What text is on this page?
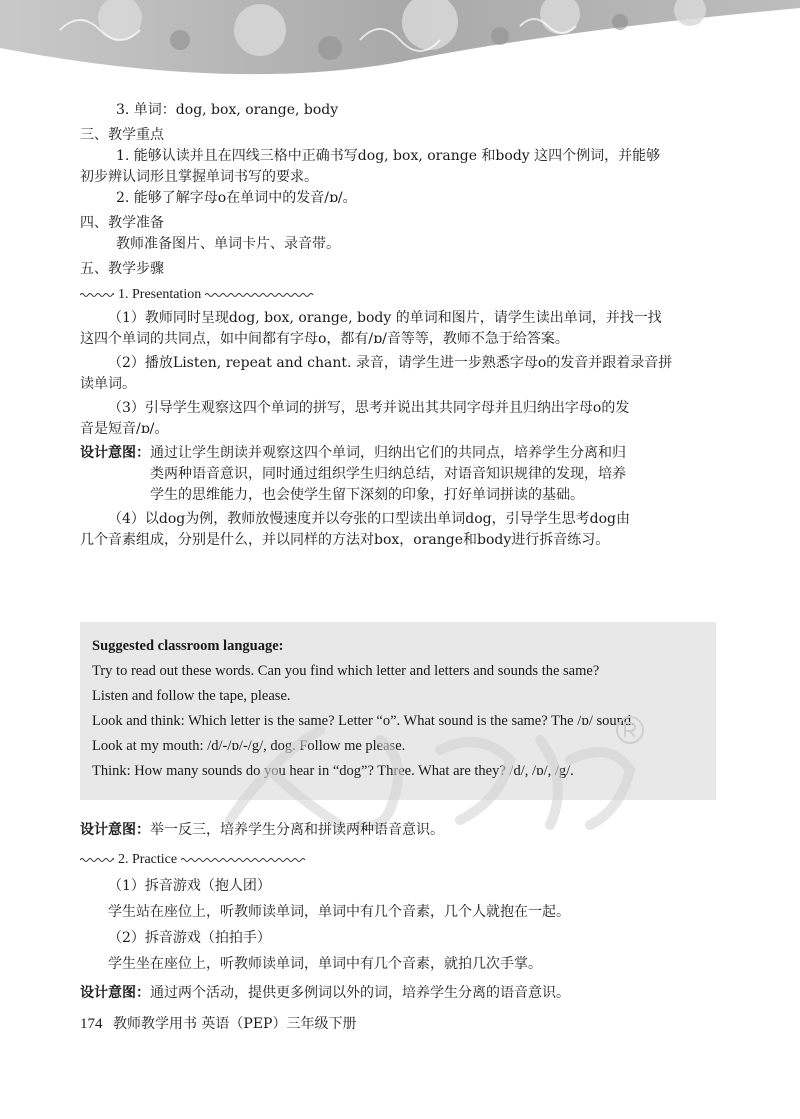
3. 单词：dog, box, orange, body
三、教学重点
1. 能够认读并且在四线三格中正确书写dog, box, orange 和body 这四个例词，并能够
初步辨认词形且掌握单词书写的要求。
2. 能够了解字母o在单词中的发音/ɒ/。
四、教学准备
教师准备图片、单词卡片、录音带。
五、教学步骤
1. Presentation
（1）教师同时呈现dog, box, orange, body 的单词和图片，请学生读出单词，并找一找
这四个单词的共同点，如中间都有字母o，都有/ɒ/音等等，教师不急于给答案。
（2）播放Listen, repeat and chant. 录音，请学生进一步熟悉字母o的发音并跟着录音拼
读单词。
（3）引导学生观察这四个单词的拼写，思考并说出其共同字母并且归纳出字母o的发
音是短音/ɒ/。
设计意图： 通过让学生朗读并观察这四个单词，归纳出它们的共同点，培养学生分离和归
类两种语音意识，同时通过组织学生归纳总结，对语音知识规律的发现，培养
学生的思维能力，也会使学生留下深刻的印象，打好单词拼读的基础。
（4）以dog为例，教师放慢速度并以夸张的口型读出单词dog，引导学生思考dog由
几个音素组成，分别是什么，并以同样的方法对box，orange和body进行拆音练习。
Suggested classroom language:
Try to read out these words. Can you find which letter and letters and sounds the same?
Listen and follow the tape, please.
Look and think: Which letter is the same? Letter “o”. What sound is the same? The /ɒ/ sound.
Look at my mouth: /d/-/ɒ/-/g/, dog. Follow me please.
Think: How many sounds do you hear in “dog”? Three. What are they? /d/, /ɒ/, /g/.
设计意图： 举一反三，培养学生分离和拼读两种语音意识。
2. Practice
（1）拆音游戏（抱人团）
学生站在座位上，听教师读单词，单词中有几个音素，几个人就抱在一起。
（2）拆音游戏（拍拍手）
学生坐在座位上，听教师读单词，单词中有几个音素，就拍几次手掌。
设计意图： 通过两个活动，提供更多例词以外的词，培养学生分离的语音意识。
174 教师教学用书 英语（PEP）三年级下册
